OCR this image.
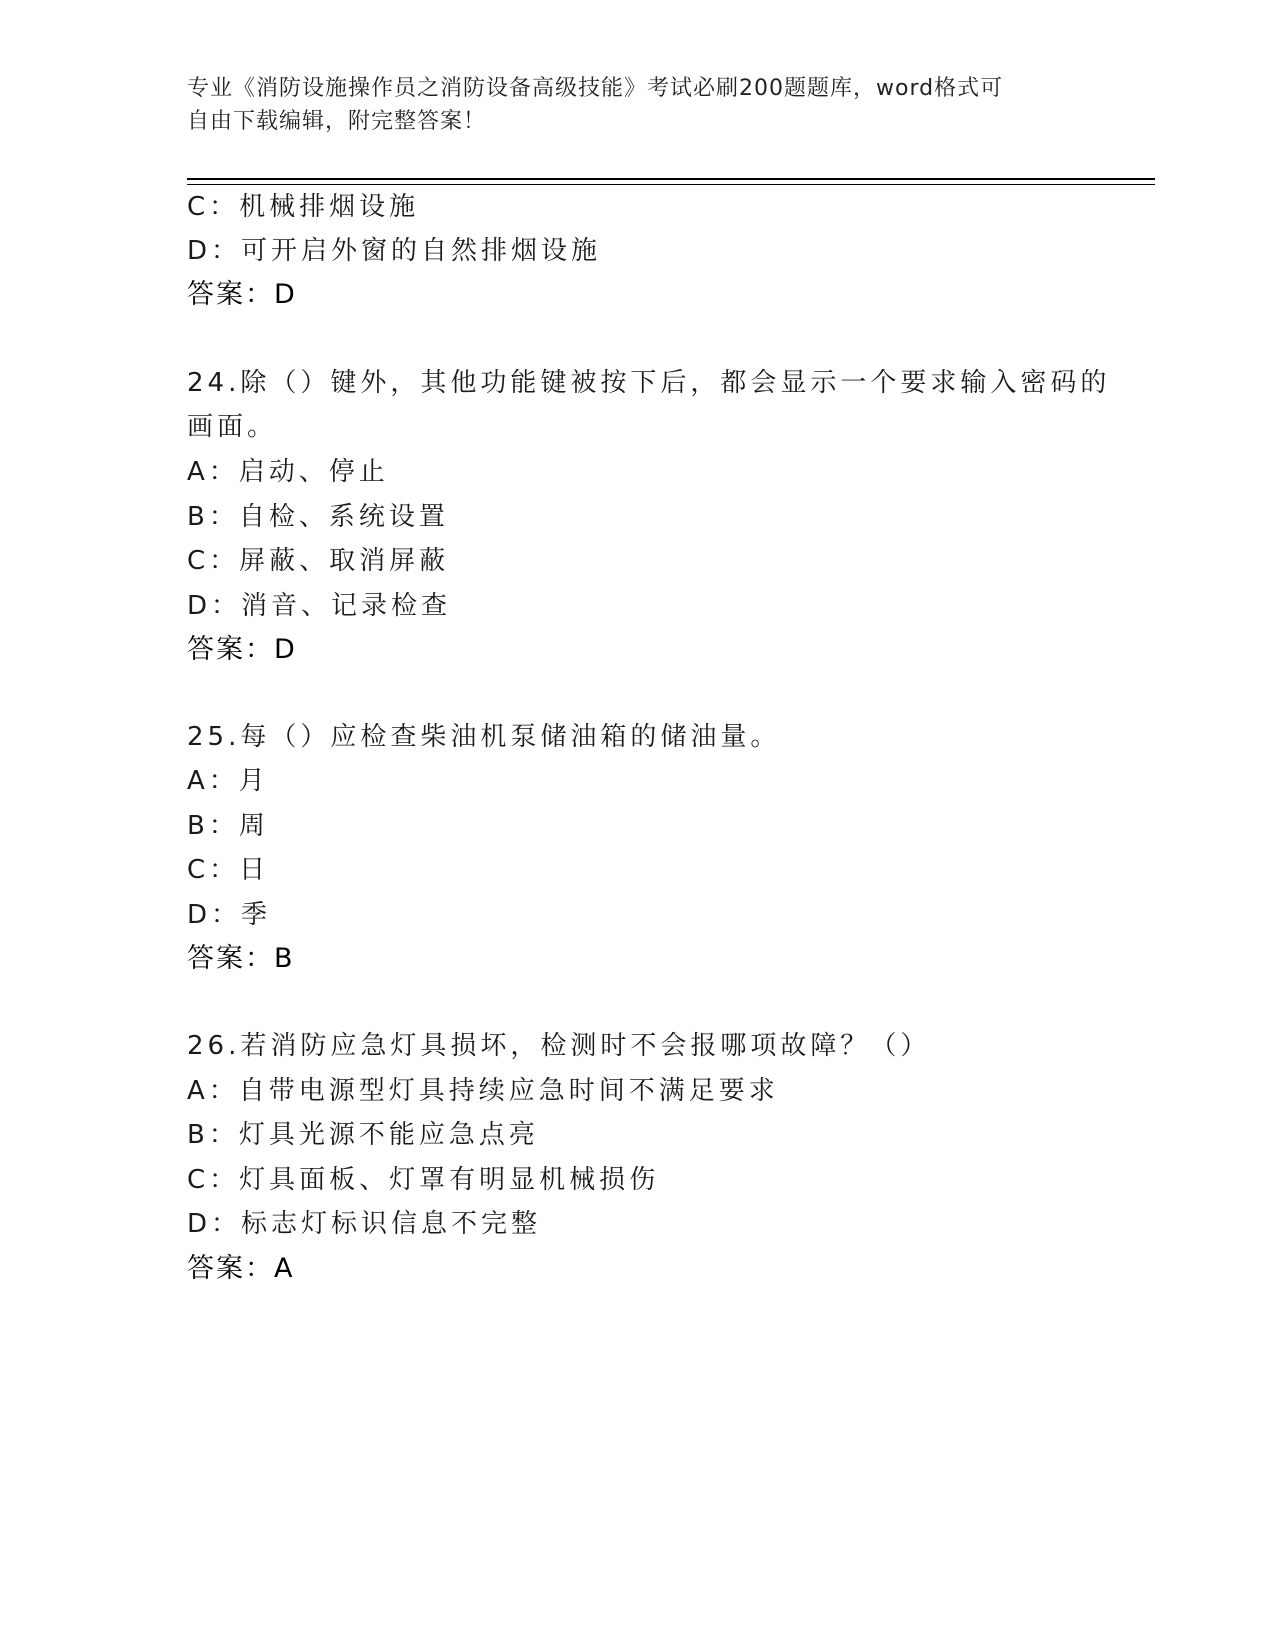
专业《消防设施操作员之消防设备高级技能》考试必刷200题题库，word格式可
自由下载编辑，附完整答案！
C：机械排烟设施
D：可开启外窗的自然排烟设施
答案：D
24.除（）键外，其他功能键被按下后，都会显示一个要求输入密码的
画面。
A：启动、停止
B：自检、系统设置
C：屏蔽、取消屏蔽
D：消音、记录检查
答案：D
25.每（）应检查柴油机泵储油箱的储油量。
A：月
B：周
C：日
D：季
答案：B
26.若消防应急灯具损坏，检测时不会报哪项故障？（）
A：自带电源型灯具持续应急时间不满足要求
B：灯具光源不能应急点亮
C：灯具面板、灯罩有明显机械损伤
D：标志灯标识信息不完整
答案：A
